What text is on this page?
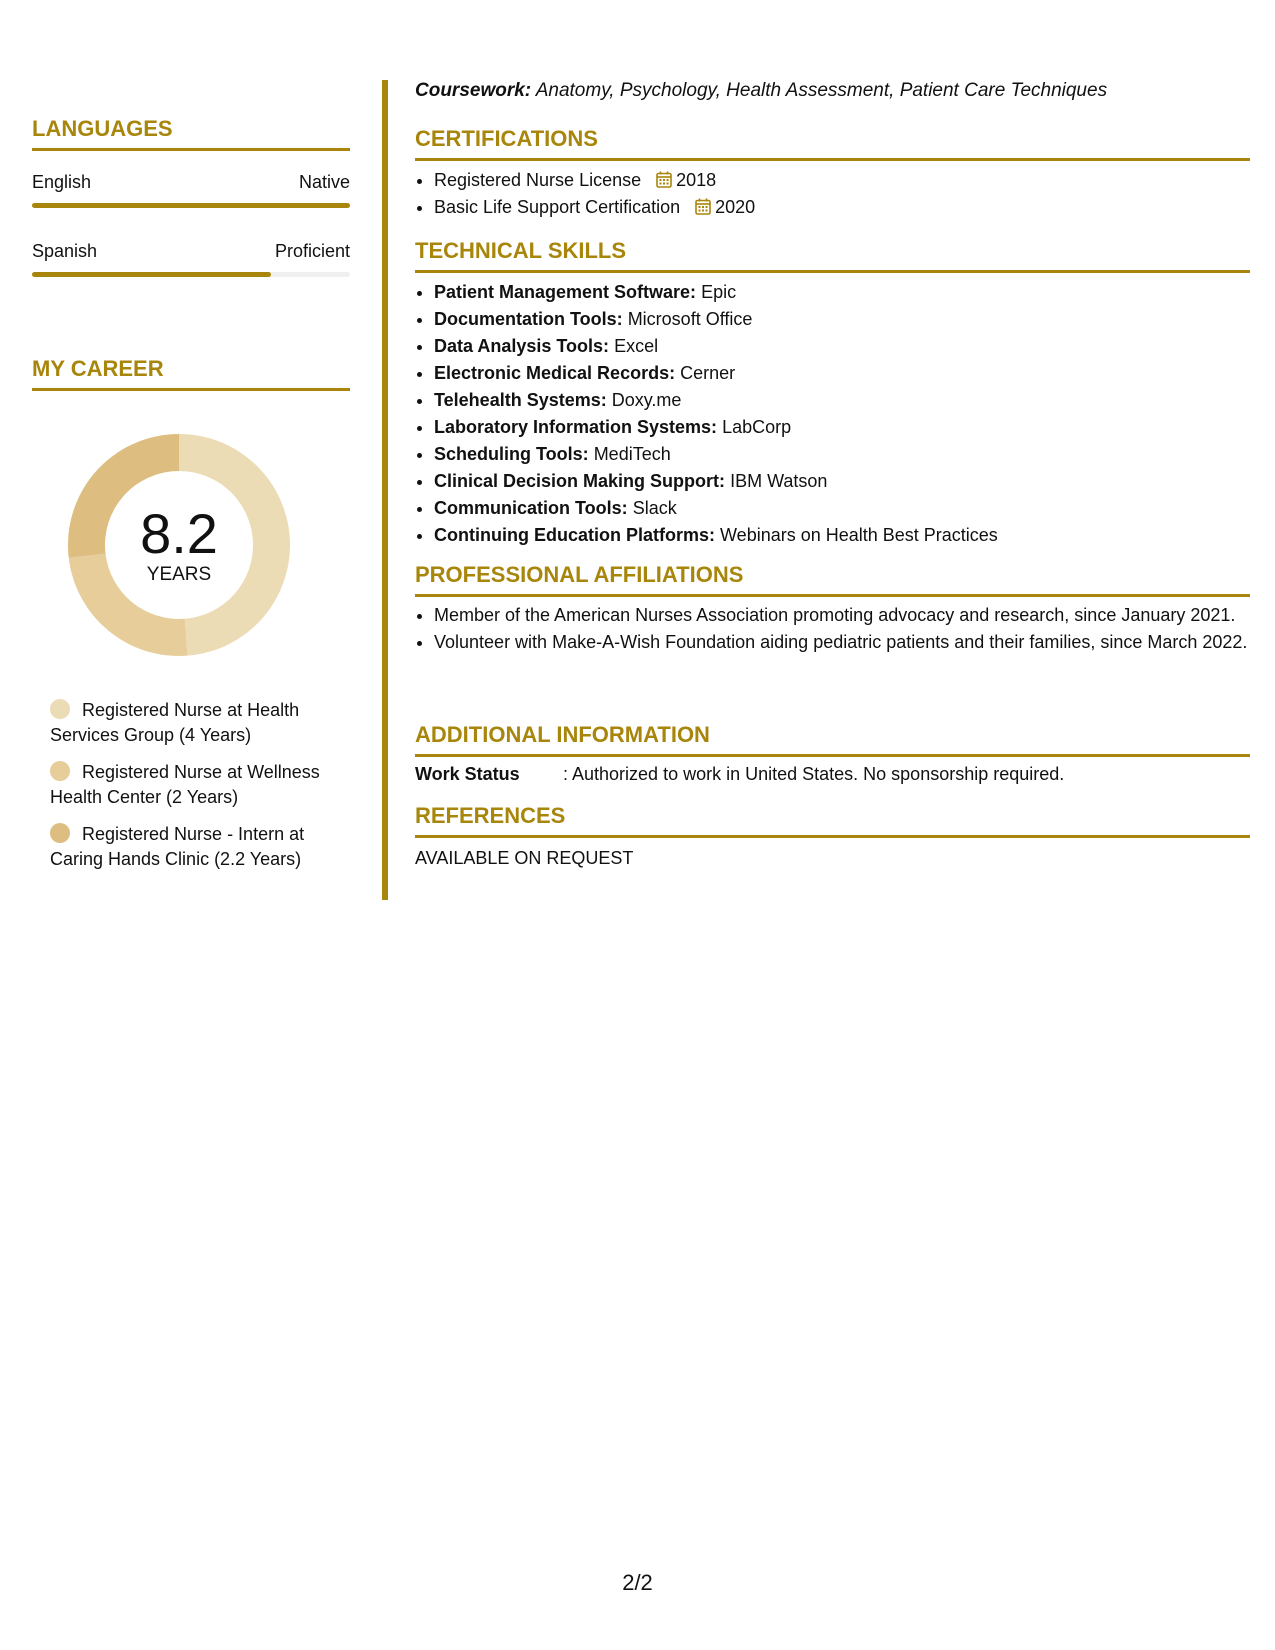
LANGUAGES
English	Native
Spanish	Proficient
MY CAREER
8.2
YEARS
Registered Nurse at Health Services Group (4 Years)
Registered Nurse at Wellness Health Center (2 Years)
Registered Nurse - Intern at Caring Hands Clinic (2.2 Years)
Coursework: Anatomy, Psychology, Health Assessment, Patient Care Techniques
CERTIFICATIONS
• Registered Nurse License 2018
• Basic Life Support Certification 2020
TECHNICAL SKILLS
• Patient Management Software: Epic
• Documentation Tools: Microsoft Office
• Data Analysis Tools: Excel
• Electronic Medical Records: Cerner
• Telehealth Systems: Doxy.me
• Laboratory Information Systems: LabCorp
• Scheduling Tools: MediTech
• Clinical Decision Making Support: IBM Watson
• Communication Tools: Slack
• Continuing Education Platforms: Webinars on Health Best Practices
PROFESSIONAL AFFILIATIONS
• Member of the American Nurses Association promoting advocacy and research, since January 2021.
• Volunteer with Make-A-Wish Foundation aiding pediatric patients and their families, since March 2022.
ADDITIONAL INFORMATION
Work Status : Authorized to work in United States. No sponsorship required.
REFERENCES
AVAILABLE ON REQUEST
2/2
